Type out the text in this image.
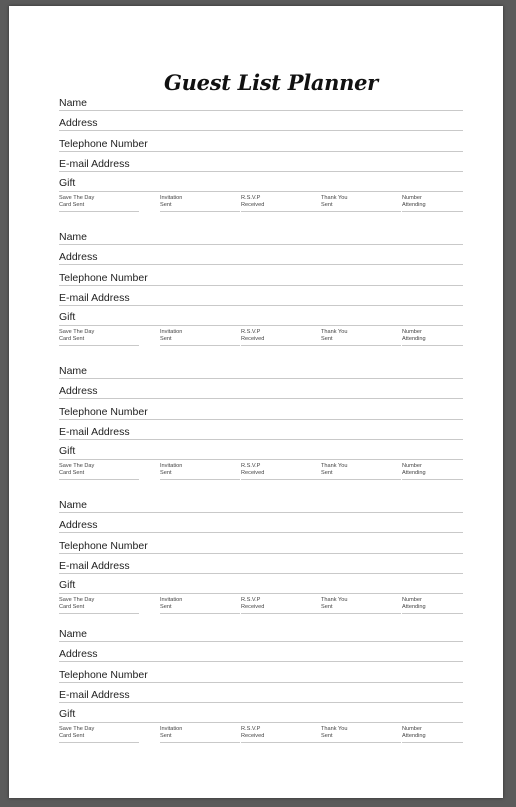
Guest List Planner
Name
Address
Telephone Number
E-mail Address
Gift
Save The Day
Card Sent
Invitation
Sent
R.S.V.P
Received
Thank You
Sent
Number
Attending
Name
Address
Telephone Number
E-mail Address
Gift
Save The Day
Card Sent
Invitation
Sent
R.S.V.P
Received
Thank You
Sent
Number
Attending
Name
Address
Telephone Number
E-mail Address
Gift
Save The Day
Card Sent
Invitation
Sent
R.S.V.P
Received
Thank You
Sent
Number
Attending
Name
Address
Telephone Number
E-mail Address
Gift
Save The Day
Card Sent
Invitation
Sent
R.S.V.P
Received
Thank You
Sent
Number
Attending
Name
Address
Telephone Number
E-mail Address
Gift
Save The Day
Card Sent
Invitation
Sent
R.S.V.P
Received
Thank You
Sent
Number
Attending
